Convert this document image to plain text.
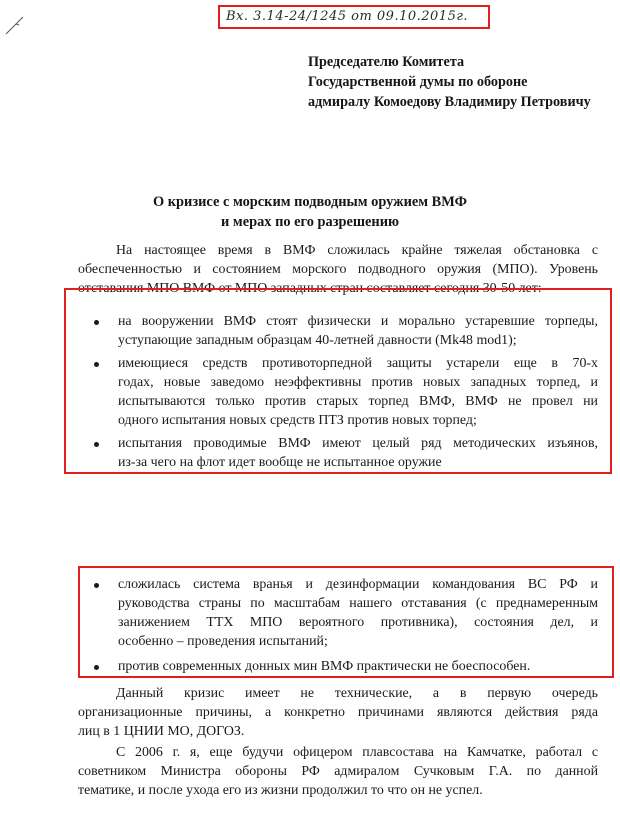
Вх. 3.14-24/1245 от 09.10.2015г.
Председателю Комитета
Государственной думы по обороне
адмиралу Комоедову Владимиру Петровичу
О кризисе с морским подводным оружием ВМФ
и мерах по его разрешению
На настоящее время в ВМФ сложилась крайне тяжелая обстановка с
обеспеченностью и состоянием морского подводного оружия (МПО). Уровень
отставания МПО ВМФ от МПО западных стран составляет сегодня 30-50 лет:
на вооружении ВМФ стоят физически и морально устаревшие торпеды,
уступающие западным образцам 40-летней давности (Mk48 mod1);
имеющиеся средств противоторпедной защиты устарели еще в 70-х
годах, новые заведомо неэффективны против новых западных торпед, и
испытываются только против старых торпед ВМФ, ВМФ не провел ни
одного испытания новых средств ПТЗ против новых торпед;
испытания проводимые ВМФ имеют целый ряд методических изъянов,
из-за чего на флот идет вообще не испытанное оружие
сложилась система вранья и дезинформации командования ВС РФ и
руководства страны по масштабам нашего отставания (с преднамеренным
занижением ТТХ МПО вероятного противника), состояния дел, и
особенно – проведения испытаний;
против современных донных мин ВМФ практически не боеспособен.
Данный кризис имеет не технические, а в первую очередь
организационные причины, а конкретно причинами являются действия ряда
лиц в 1 ЦНИИ МО, ДОГОЗ.
С 2006 г. я, еще будучи офицером плавсостава на Камчатке, работал с
советником Министра обороны РФ адмиралом Сучковым Г.А. по данной
тематике, и после ухода его из жизни продолжил то что он не успел.
